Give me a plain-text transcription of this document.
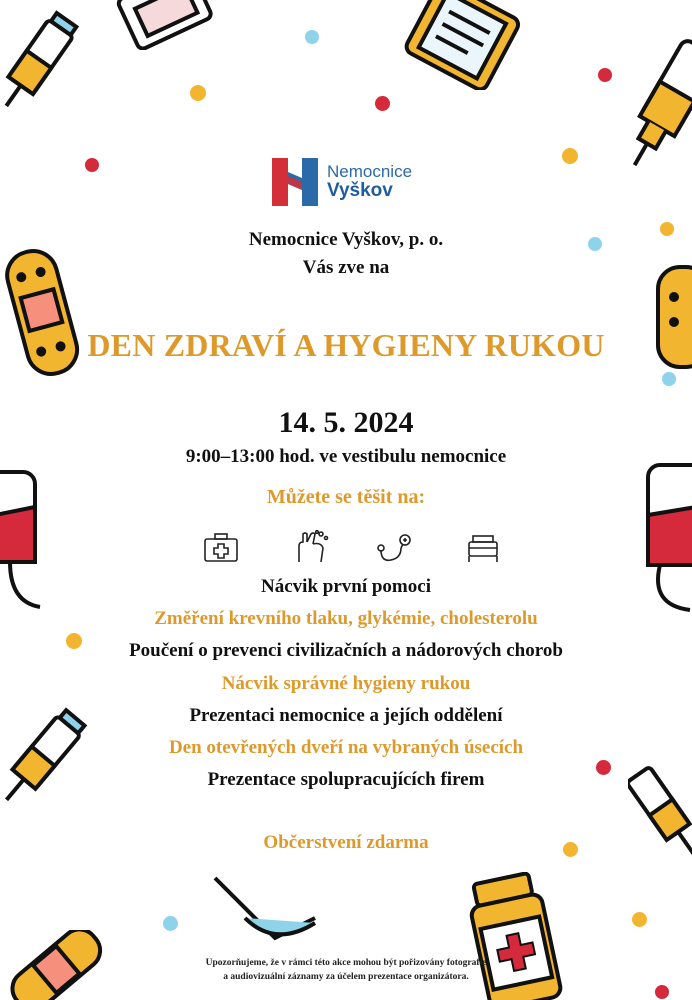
Nemocnice
Vyškov
Nemocnice Vyškov, p. o.
Vás zve na
DEN ZDRAVÍ A HYGIENY RUKOU
14. 5. 2024
9:00–13:00 hod. ve vestibulu nemocnice
Můžete se těšit na:
Nácvik první pomoci
Změření krevního tlaku, glykémie, cholesterolu
Poučení o prevenci civilizačních a nádorových chorob
Nácvik správné hygieny rukou
Prezentaci nemocnice a jejích oddělení
Den otevřených dveří na vybraných úsecích
Prezentace spolupracujících firem
Občerstvení zdarma
Upozorňujeme, že v rámci této akce mohou být pořizovány fotografie
a audiovizuální záznamy za účelem prezentace organizátora.
